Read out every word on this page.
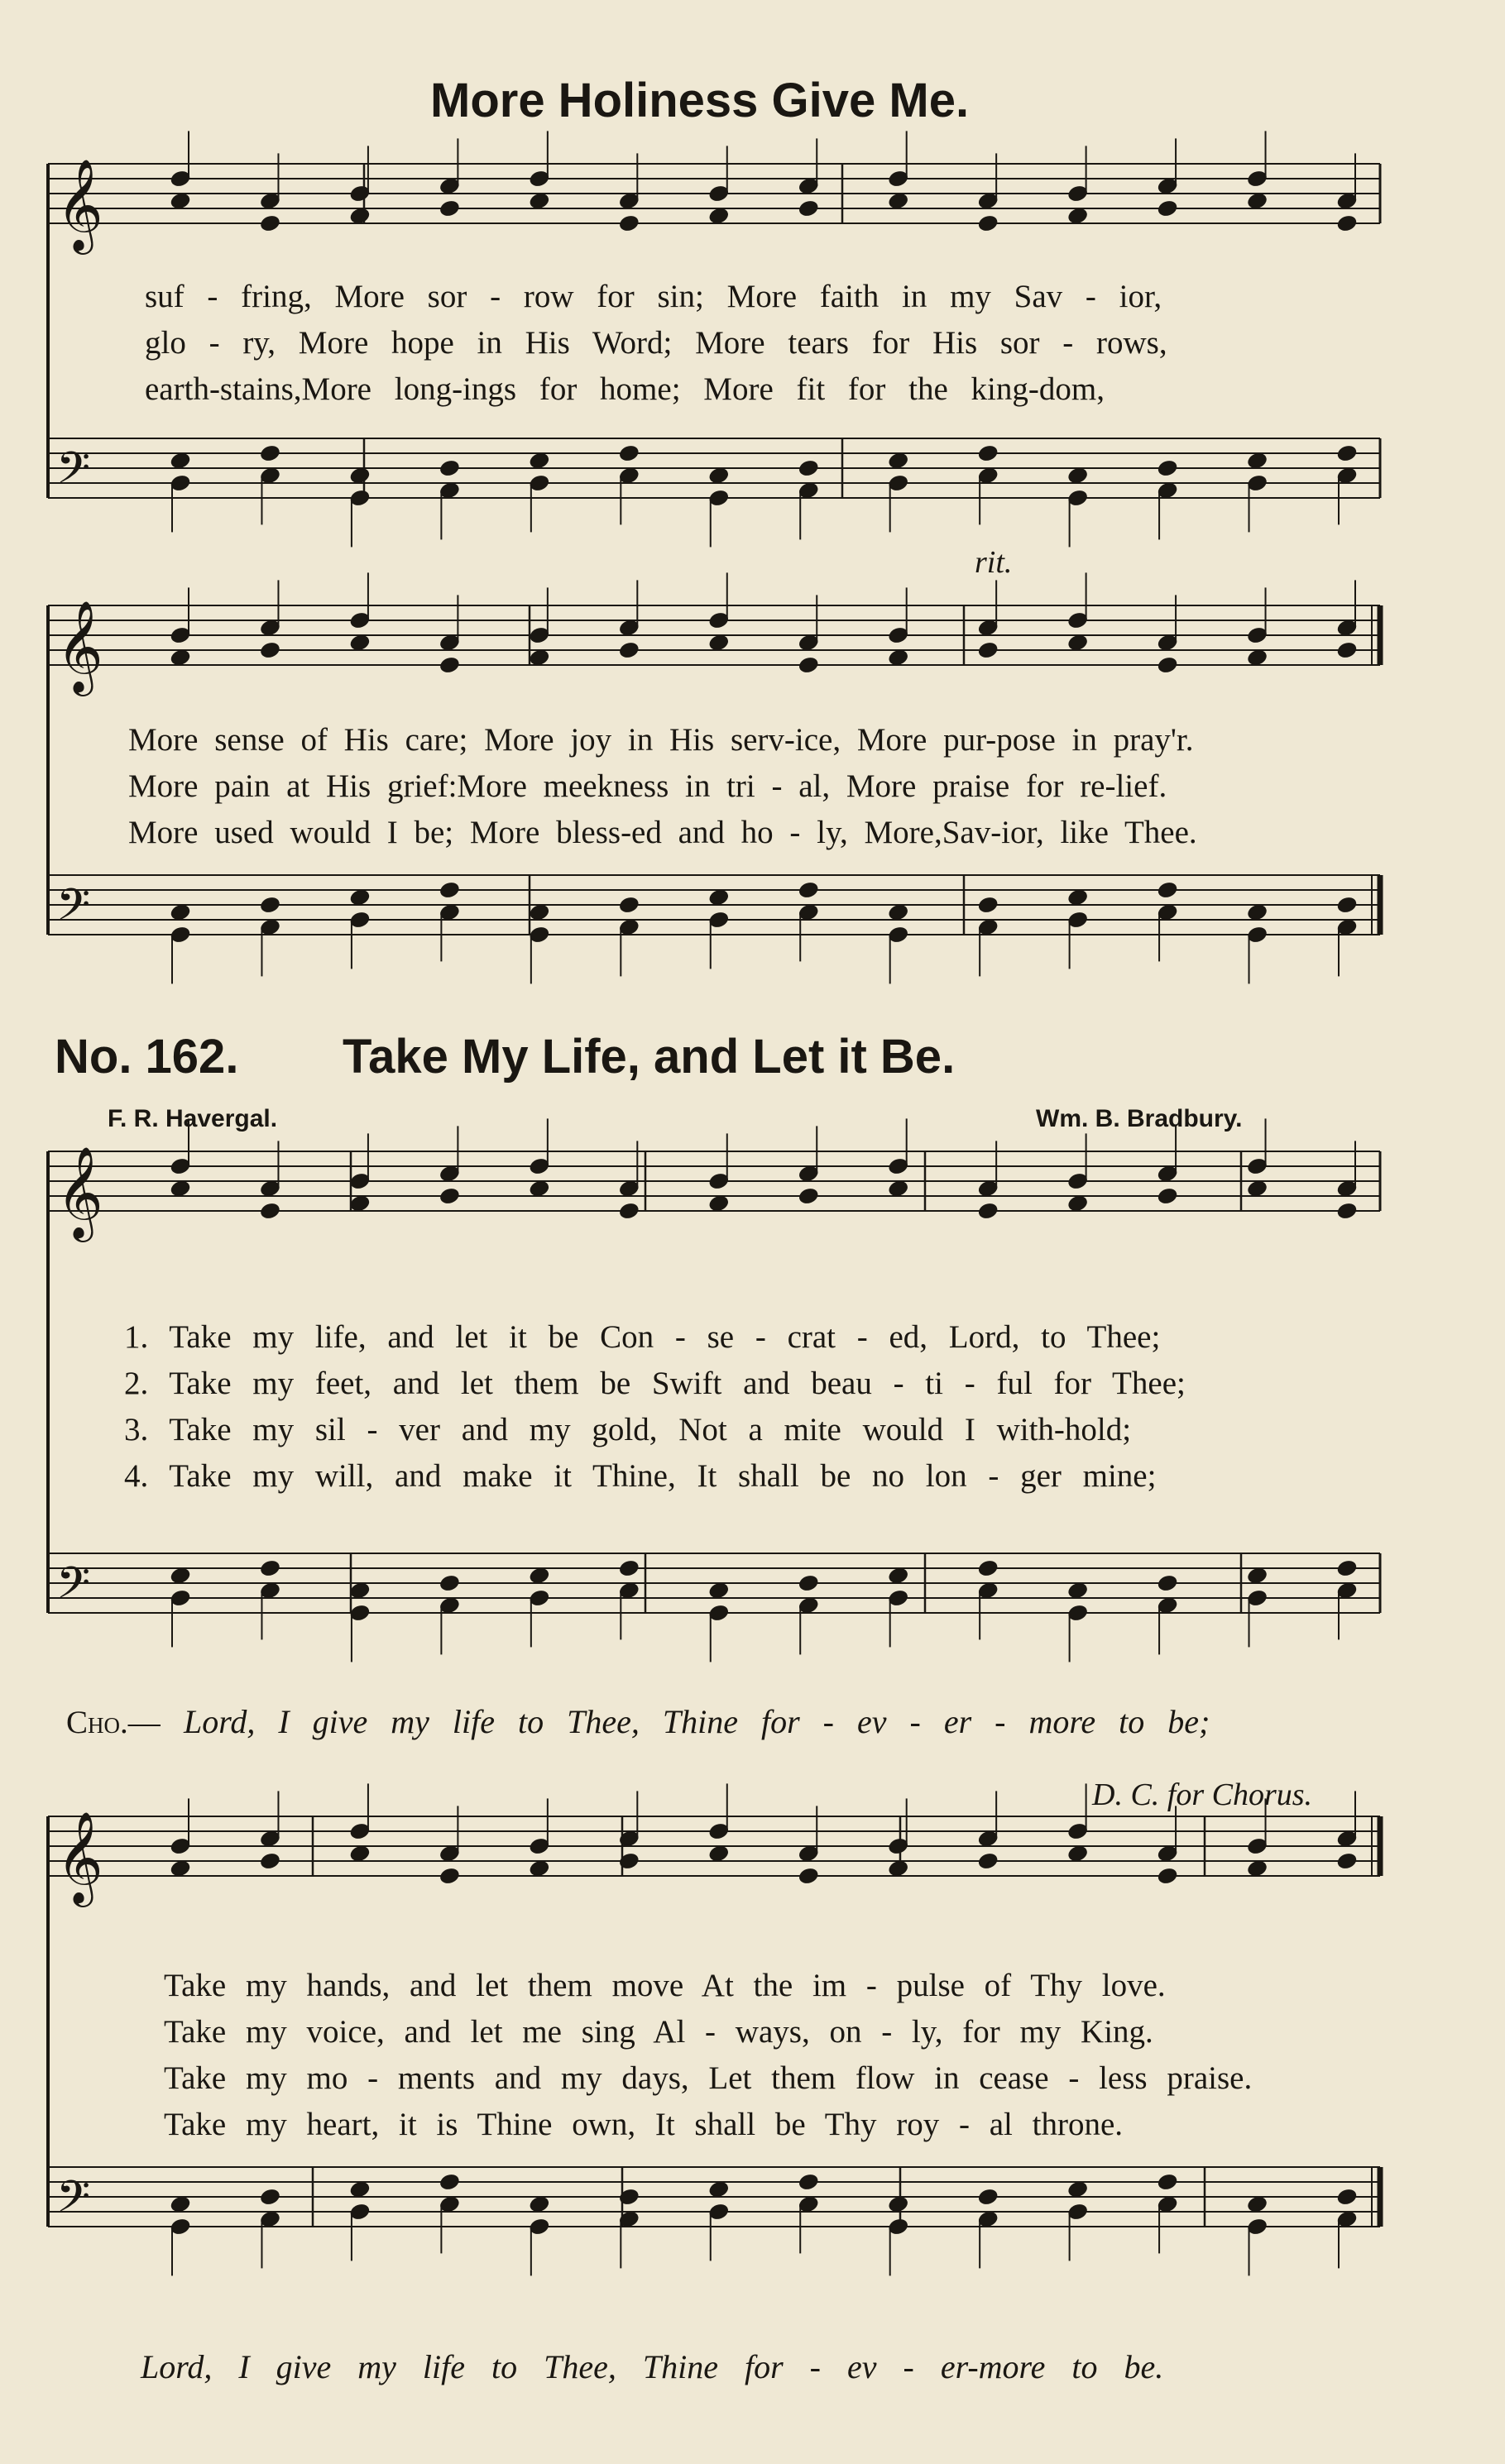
More Holiness Give Me.
𝄞
𝄢
𝄞
𝄢
𝄞
𝄢
𝄞
𝄢
suf - fring, More sor - row for sin; More faith in my Sav - ior,
glo - ry, More hope in His Word; More tears for His sor - rows,
earth-stains,More long-ings for home; More fit for the king-dom,
rit.
More sense of His care; More joy in His serv-ice, More pur-pose in pray'r.
More pain at His grief:More meekness in tri - al, More praise for re-lief.
More used would I be; More bless-ed and ho - ly, More,Sav-ior, like Thee.
No. 162. Take My Life, and Let it Be.
F. R. Havergal.	Wm. B. Bradbury.
1. Take my life, and let it be Con - se - crat - ed, Lord, to Thee;
2. Take my feet, and let them be Swift and beau - ti - ful for Thee;
3. Take my sil - ver and my gold, Not a mite would I with-hold;
4. Take my will, and make it Thine, It shall be no lon - ger mine;
Cho.— Lord, I give my life to Thee, Thine for - ev - er - more to be;
D. C. for Chorus.
Take my hands, and let them move At the im - pulse of Thy love.
Take my voice, and let me sing Al - ways, on - ly, for my King.
Take my mo - ments and my days, Let them flow in cease - less praise.
Take my heart, it is Thine own, It shall be Thy roy - al throne.
Lord, I give my life to Thee, Thine for - ev - er-more to be.
